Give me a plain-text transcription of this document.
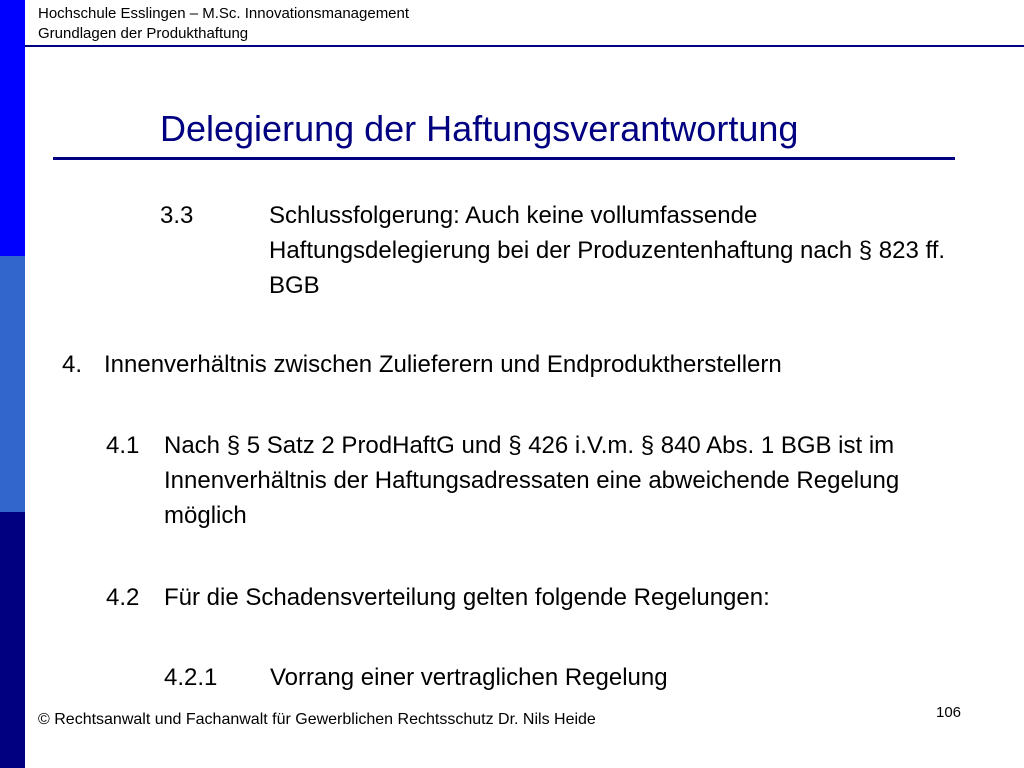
Hochschule Esslingen – M.Sc. Innovationsmanagement
Grundlagen der Produkthaftung
Delegierung der Haftungsverantwortung
3.3	Schlussfolgerung: Auch keine vollumfassende Haftungsdelegierung bei der Produzentenhaftung nach § 823 ff. BGB
4. Innenverhältnis zwischen Zulieferern und Endproduktherstellern
4.1 Nach § 5 Satz 2 ProdHaftG und § 426 i.V.m. § 840 Abs. 1 BGB ist im Innenverhältnis der Haftungsadressaten eine abweichende Regelung möglich
4.2 Für die Schadensverteilung gelten folgende Regelungen:
4.2.1 Vorrang einer vertraglichen Regelung
© Rechtsanwalt und Fachanwalt für Gewerblichen Rechtsschutz Dr. Nils Heide	106
